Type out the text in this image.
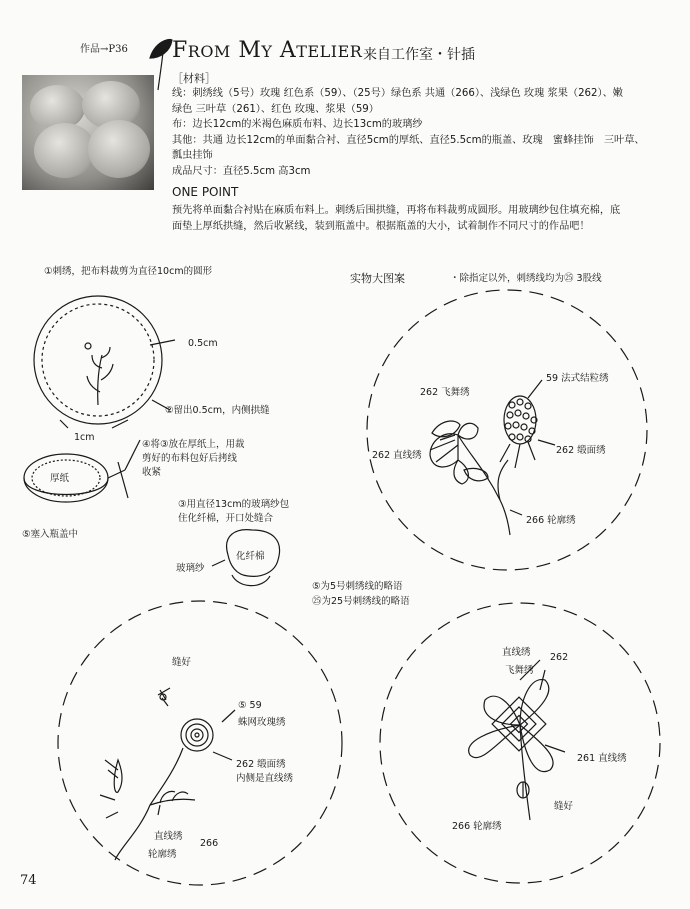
作品→P36 FROM MY ATELIER 来自工作室・针插
［材料］
线：刺绣线（5号）玫瑰 红色系（59）、（25号）绿色系 共通（266）、浅绿色 玫瑰 浆果（262）、嫩
绿色 三叶草（261）、红色 玫瑰、浆果（59）
布：边长12cm的米褐色麻质布料、边长13cm的玻璃纱
其他：共通 边长12cm的单面黏合衬、直径5cm的厚纸、直径5.5cm的瓶盖、玫瑰　蜜蜂挂饰　三叶草、
瓢虫挂饰
成品尺寸：直径5.5cm 高3cm
ONE POINT
预先将单面黏合衬贴在麻质布料上。刺绣后围拱缝，再将布料裁剪成圆形。用玻璃纱包住填充棉，底
面垫上厚纸拱缝，然后收紧线，装到瓶盖中。根据瓶盖的大小，试着制作不同尺寸的作品吧！
①刺绣，把布料裁剪为直径10cm的圆形
0.5cm
②留出0.5cm，内侧拱缝
1cm
④将③放在厚纸上，用裁
剪好的布料包好后拷线
收紧
厚纸
⑤塞入瓶盖中
③用直径13cm的玻璃纱包
住化纤棉，开口处缝合
化纤棉
玻璃纱
实物大图案	・除指定以外，刺绣线均为㉕ 3股线
⑤为5号刺绣线的略语
㉕为25号刺绣线的略语
262 飞舞绣
59 法式结粒绣
262 直线绣	262 缎面绣
266 轮廓绣
缝好
⑤ 59
蛛网玫瑰绣
262 缎面绣
内侧是直线绣
直线绣
轮廓绣
266
直线绣
飞舞绣
262
261 直线绣
缝好
266 轮廓绣
74
